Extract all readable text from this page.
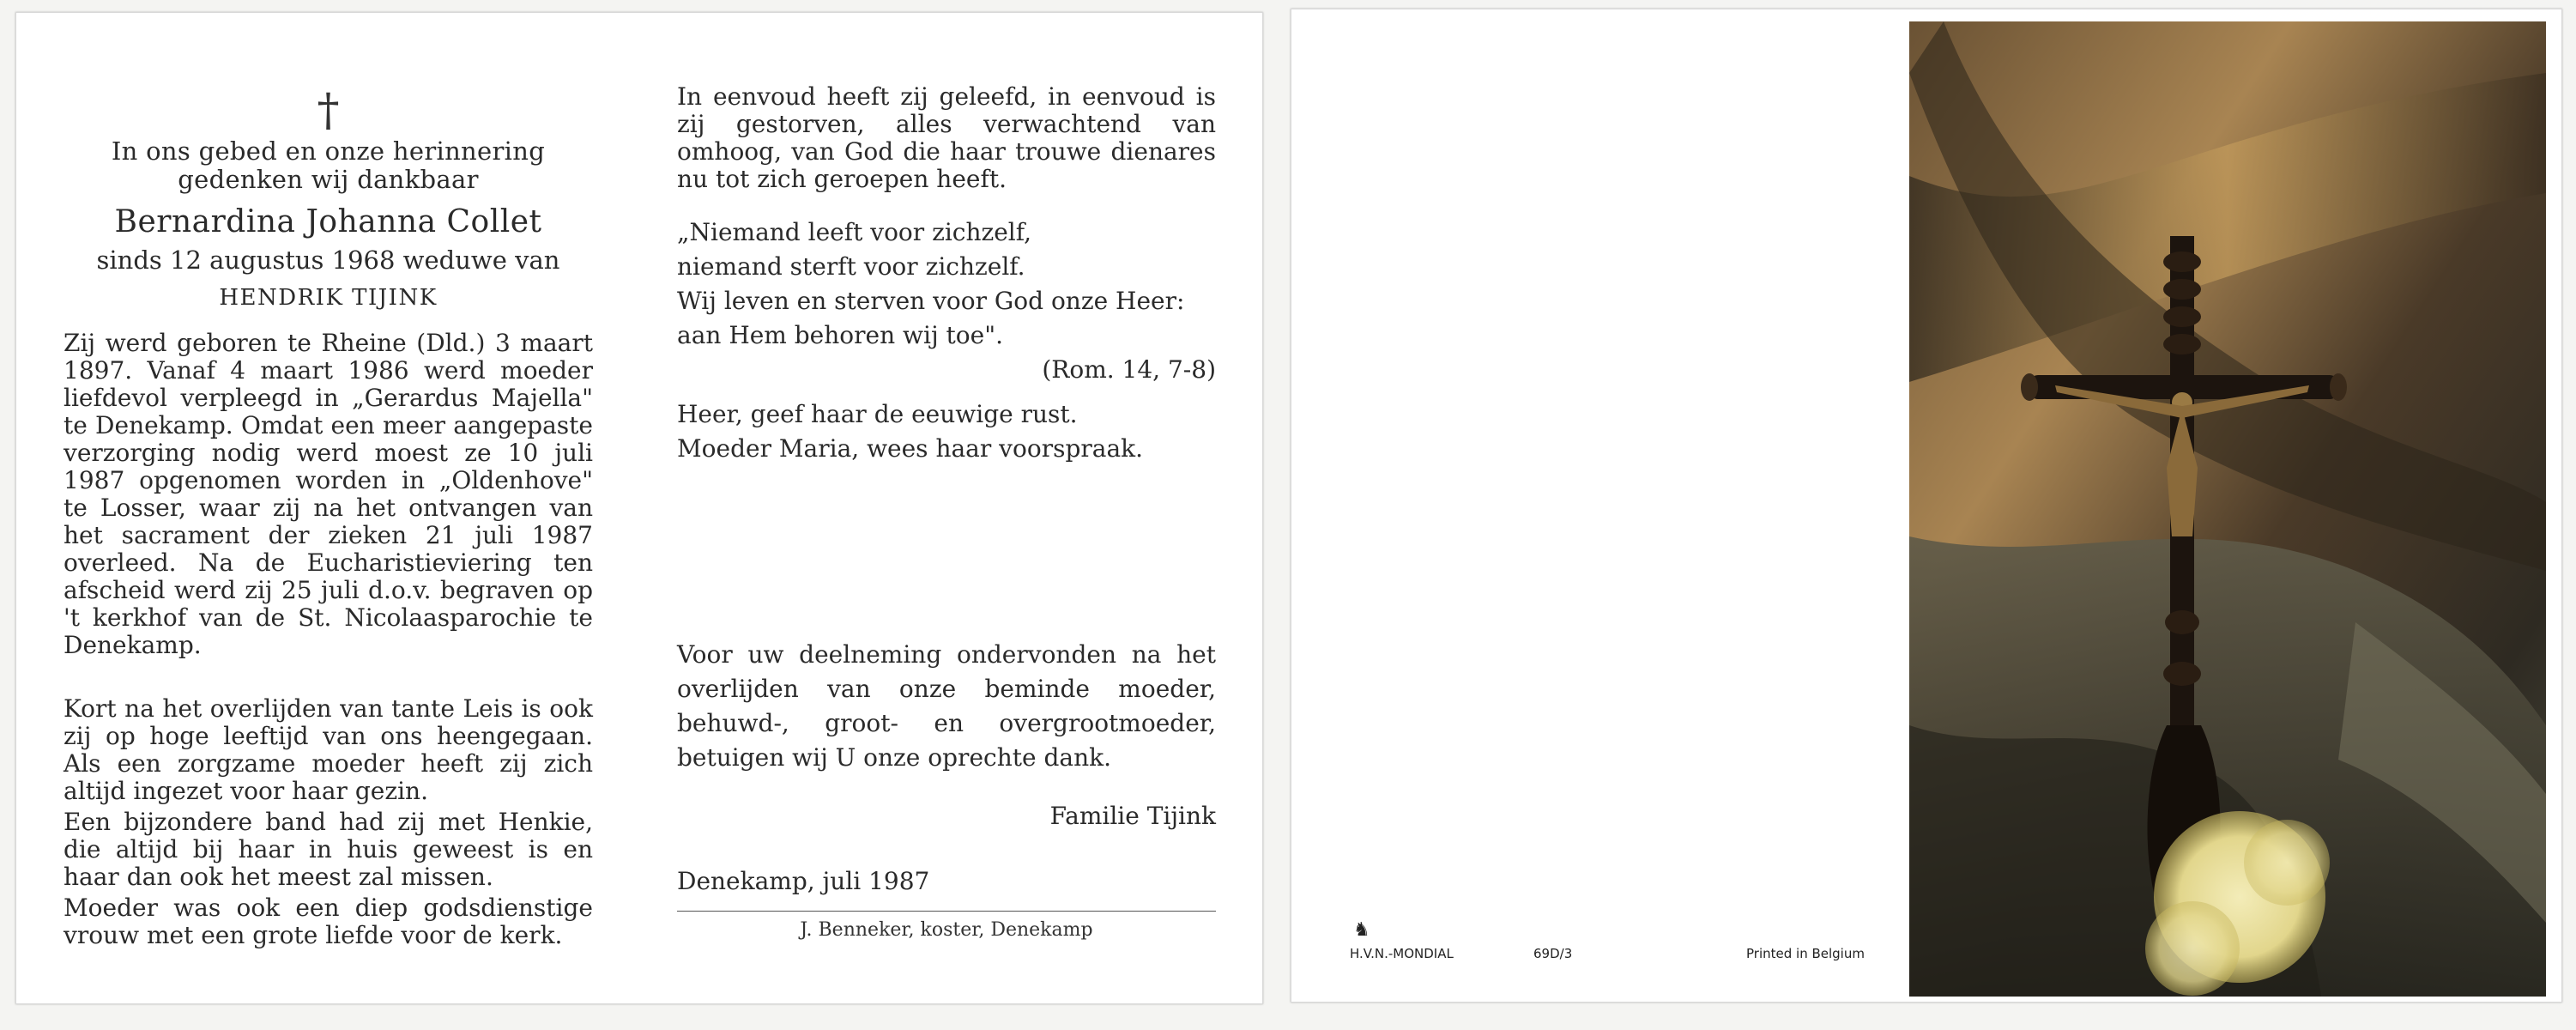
†
In ons gebed en onze herinnering
gedenken wij dankbaar
Bernardina Johanna Collet
sinds 12 augustus 1968 weduwe van
HENDRIK TIJINK

Zij werd geboren te Rheine (Dld.) 3 maart 1897. Vanaf 4 maart 1986 werd moeder liefdevol verpleegd in „Gerardus Majella" te Denekamp. Omdat een meer aangepaste verzorging nodig werd moest ze 10 juli 1987 opgenomen worden in „Oldenhove" te Losser, waar zij na het ontvangen van het sacrament der zieken 21 juli 1987 overleed. Na de Eucharistieviering ten afscheid werd zij 25 juli d.o.v. begraven op 't kerkhof van de St. Nicolaasparochie te Denekamp.

Kort na het overlijden van tante Leis is ook zij op hoge leeftijd van ons heengegaan. Als een zorgzame moeder heeft zij zich altijd ingezet voor haar gezin.

Een bijzondere band had zij met Henkie, die altijd bij haar in huis geweest is en haar dan ook het meest zal missen.

Moeder was ook een diep godsdienstige vrouw met een grote liefde voor de kerk.

In eenvoud heeft zij geleefd, in eenvoud is zij gestorven, alles verwachtend van omhoog, van God die haar trouwe dienares nu tot zich geroepen heeft.

„Niemand leeft voor zichzelf,
niemand sterft voor zichzelf.
Wij leven en sterven voor God onze Heer:
aan Hem behoren wij toe".
(Rom. 14, 7-8)
Heer, geef haar de eeuwige rust.
Moeder Maria, wees haar voorspraak.

Voor uw deelneming ondervonden na het overlijden van onze beminde moeder, behuwd-, groot- en overgrootmoeder, betuigen wij U onze oprechte dank.

Familie Tijink
Denekamp, juli 1987
J. Benneker, koster, Denekamp	♞
H.V.N.-MONDIAL	69D/3	Printed in Belgium
